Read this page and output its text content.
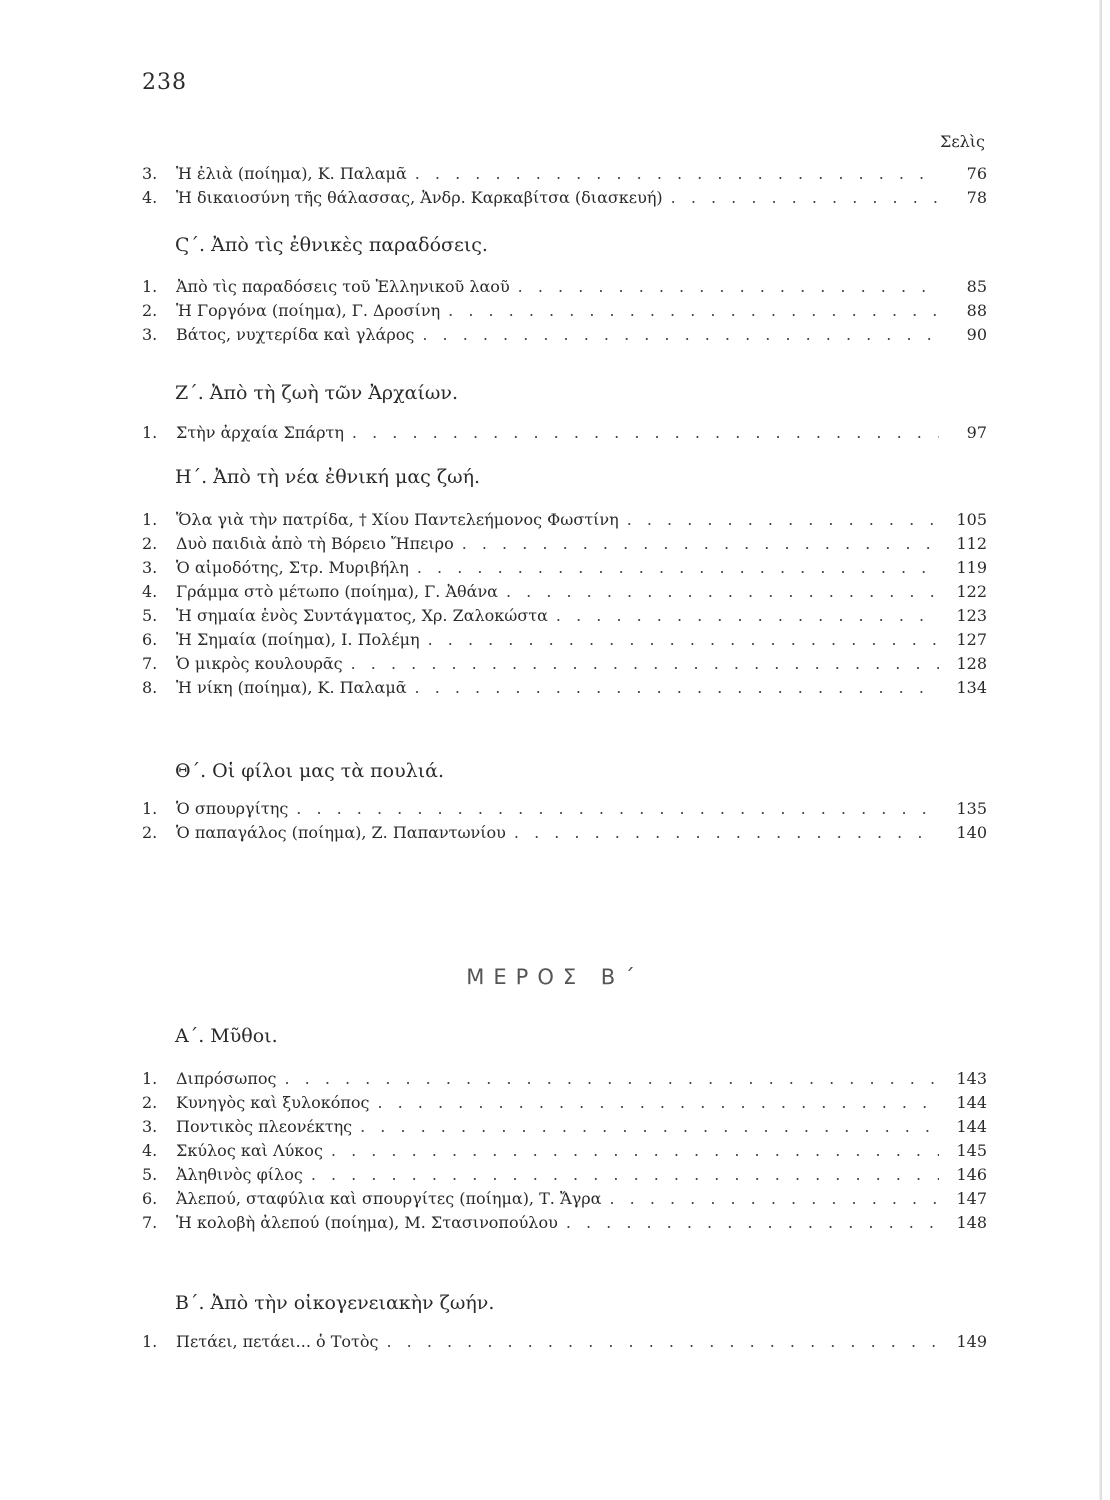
238
Σελὶς
3.	Ἡ ἐλιὰ (ποίημα), Κ. Παλαμᾶ . . .	76
4.	Ἡ δικαιοσύνη τῆς θάλασσας, Ἀνδρ. Καρκαβίτσα (διασκευή) . . .	78
Ϛ΄. Ἀπὸ τὶς ἐθνικὲς παραδόσεις.
1.	Ἀπὸ τὶς παραδόσεις τοῦ Ἑλληνικοῦ λαοῦ . . .	85
2.	Ἡ Γοργόνα (ποίημα), Γ. Δροσίνη . . .	88
3.	Βάτος, νυχτερίδα καὶ γλάρος . . .	90
Ζ΄. Ἀπὸ τὴ ζωὴ τῶν Ἀρχαίων.
1.	Στὴν ἀρχαία Σπάρτη . . .	97
Η΄. Ἀπὸ τὴ νέα ἐθνική μας ζωή.
1.	Ὅλα γιὰ τὴν πατρίδα, † Χίου Παντελεήμονος Φωστίνη . . .	105
2.	Δυὸ παιδιὰ ἀπὸ τὴ Βόρειο Ἤπειρο . . .	112
3.	Ὁ αἱμοδότης, Στρ. Μυριβήλη . . .	119
4.	Γράμμα στὸ μέτωπο (ποίημα), Γ. Ἀθάνα . . .	122
5.	Ἡ σημαία ἑνὸς Συντάγματος, Χρ. Ζαλοκώστα . . .	123
6.	Ἡ Σημαία (ποίημα), Ι. Πολέμη . . .	127
7.	Ὁ μικρὸς κουλουρᾶς . . .	128
8.	Ἡ νίκη (ποίημα), Κ. Παλαμᾶ . . .	134
Θ΄. Οἱ φίλοι μας τὰ πουλιά.
1.	Ὁ σπουργίτης . . .	135
2.	Ὁ παπαγάλος (ποίημα), Ζ. Παπαντωνίου . . .	140
ΜΕΡΟΣ Β΄
Α΄. Μῦθοι.
1.	Διπρόσωπος . . .	143
2.	Κυνηγὸς καὶ ξυλοκόπος . . .	144
3.	Ποντικὸς πλεονέκτης . . .	144
4.	Σκύλος καὶ Λύκος . . .	145
5.	Ἀληθινὸς φίλος . . .	146
6.	Ἀλεπού, σταφύλια καὶ σπουργίτες (ποίημα), Τ. Ἄγρα . . .	147
7.	Ἡ κολοβὴ ἀλεπού (ποίημα), Μ. Στασινοπούλου . . .	148
Β΄. Ἀπὸ τὴν οἰκογενειακὴν ζωήν.
1.	Πετάει, πετάει... ὁ Τοτὸς . . .	149
